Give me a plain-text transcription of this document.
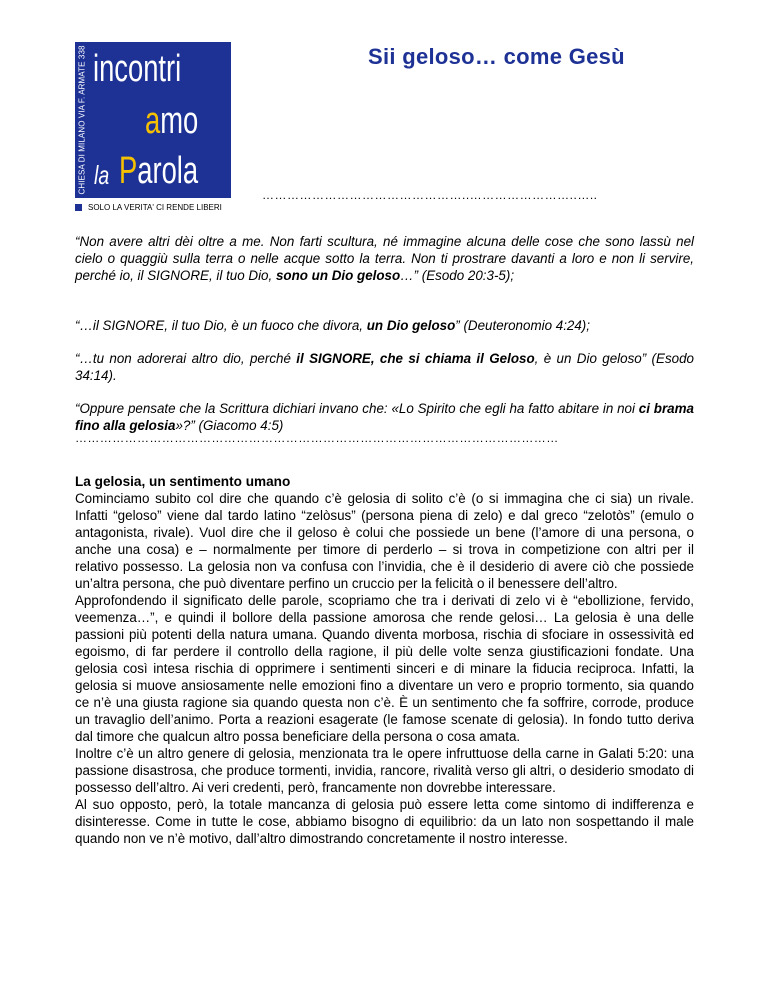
CHIESA DI MILANO VIA F. ARMATE 338 incontri
amo
la Parola
SOLO LA VERITA' CI RENDE LIBERI
Sii geloso… come Gesù
…………………………………………..……………………..…..
“Non avere altri dèi oltre a me. Non farti scultura, né immagine alcuna delle cose che sono lassù nel cielo o quaggiù sulla terra o nelle acque sotto la terra. Non ti prostrare davanti a loro e non li servire, perché io, il SIGNORE, il tuo Dio, sono un Dio geloso…” (Esodo 20:3-5);
“…il SIGNORE, il tuo Dio, è un fuoco che divora, un Dio geloso” (Deuteronomio 4:24);
“…tu non adorerai altro dio, perché il SIGNORE, che si chiama il Geloso, è un Dio geloso” (Esodo 34:14).
“Oppure pensate che la Scrittura dichiari invano che: «Lo Spirito che egli ha fatto abitare in noi ci brama fino alla gelosia»?” (Giacomo 4:5)
………………………………………………………………………………………………………
La gelosia, un sentimento umano

Cominciamo subito col dire che quando c’è gelosia di solito c’è (o si immagina che ci sia) un rivale. Infatti “geloso” viene dal tardo latino “zelòsus” (persona piena di zelo) e dal greco “zelotòs” (emulo o antagonista, rivale). Vuol dire che il geloso è colui che possiede un bene (l’amore di una persona, o anche una cosa) e – normalmente per timore di perderlo – si trova in competizione con altri per il relativo possesso. La gelosia non va confusa con l’invidia, che è il desiderio di avere ciò che possiede un’altra persona, che può diventare perfino un cruccio per la felicità o il benessere dell’altro.

Approfondendo il significato delle parole, scopriamo che tra i derivati di zelo vi è “ebollizione, fervido, veemenza…”, e quindi il bollore della passione amorosa che rende gelosi… La gelosia è una delle passioni più potenti della natura umana. Quando diventa morbosa, rischia di sfociare in ossessività ed egoismo, di far perdere il controllo della ragione, il più delle volte senza giustificazioni fondate. Una gelosia così intesa rischia di opprimere i sentimenti sinceri e di minare la fiducia reciproca. Infatti, la gelosia si muove ansiosamente nelle emozioni fino a diventare un vero e proprio tormento, sia quando ce n’è una giusta ragione sia quando questa non c’è. È un sentimento che fa soffrire, corrode, produce un travaglio dell’animo. Porta a reazioni esagerate (le famose scenate di gelosia). In fondo tutto deriva dal timore che qualcun altro possa beneficiare della persona o cosa amata.

Inoltre c’è un altro genere di gelosia, menzionata tra le opere infruttuose della carne in Galati 5:20: una passione disastrosa, che produce tormenti, invidia, rancore, rivalità verso gli altri, o desiderio smodato di possesso dell’altro. Ai veri credenti, però, francamente non dovrebbe interessare.

Al suo opposto, però, la totale mancanza di gelosia può essere letta come sintomo di indifferenza e disinteresse. Come in tutte le cose, abbiamo bisogno di equilibrio: da un lato non sospettando il male quando non ve n’è motivo, dall’altro dimostrando concretamente il nostro interesse.
